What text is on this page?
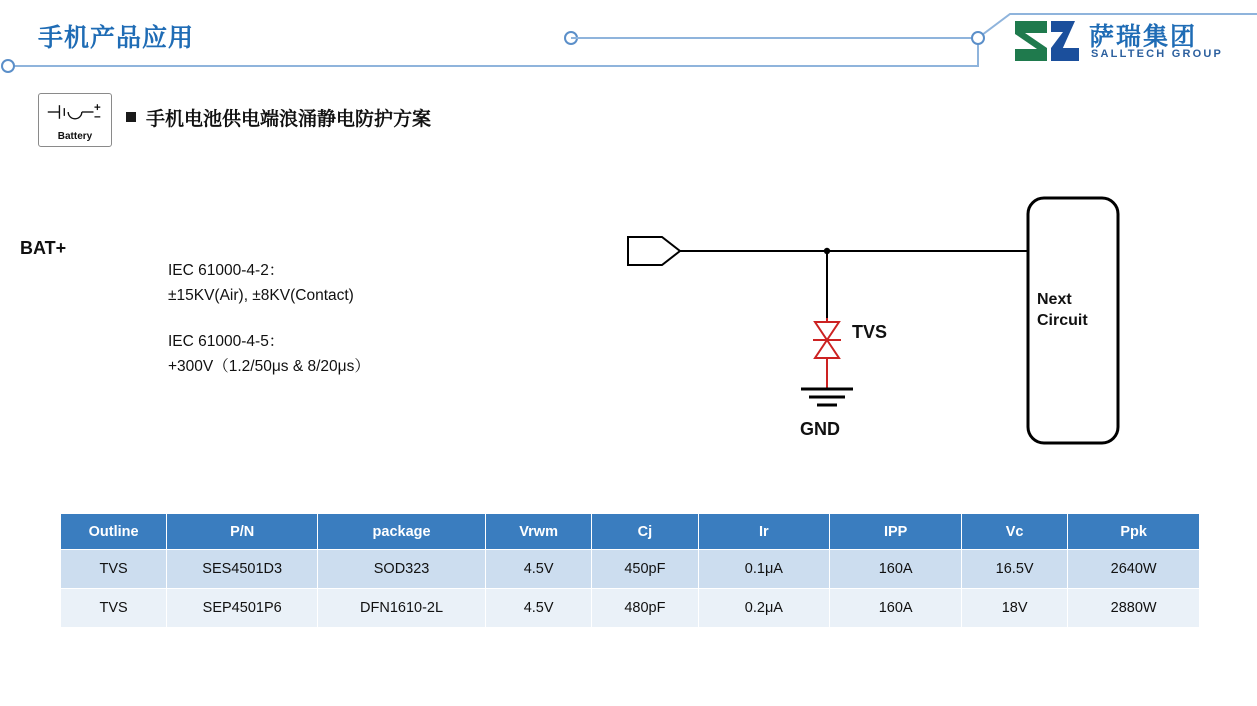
手机产品应用	萨瑞集团
SALLTECH GROUP
Battery
手机电池供电端浪涌静电防护方案
IEC 61000-4-2：
±15KV(Air), ±8KV(Contact)
IEC 61000-4-5：
+300V（1.2/50μs & 8/20μs）
BAT+
TVS
GND
Next
Circuit
Outline	P/N	package	Vrwm	Cj	Ir	IPP	Vc	Ppk
TVS	SES4501D3	SOD323	4.5V	450pF	0.1μA	160A	16.5V	2640W
TVS	SEP4501P6	DFN1610-2L	4.5V	480pF	0.2μA	160A	18V	2880W
